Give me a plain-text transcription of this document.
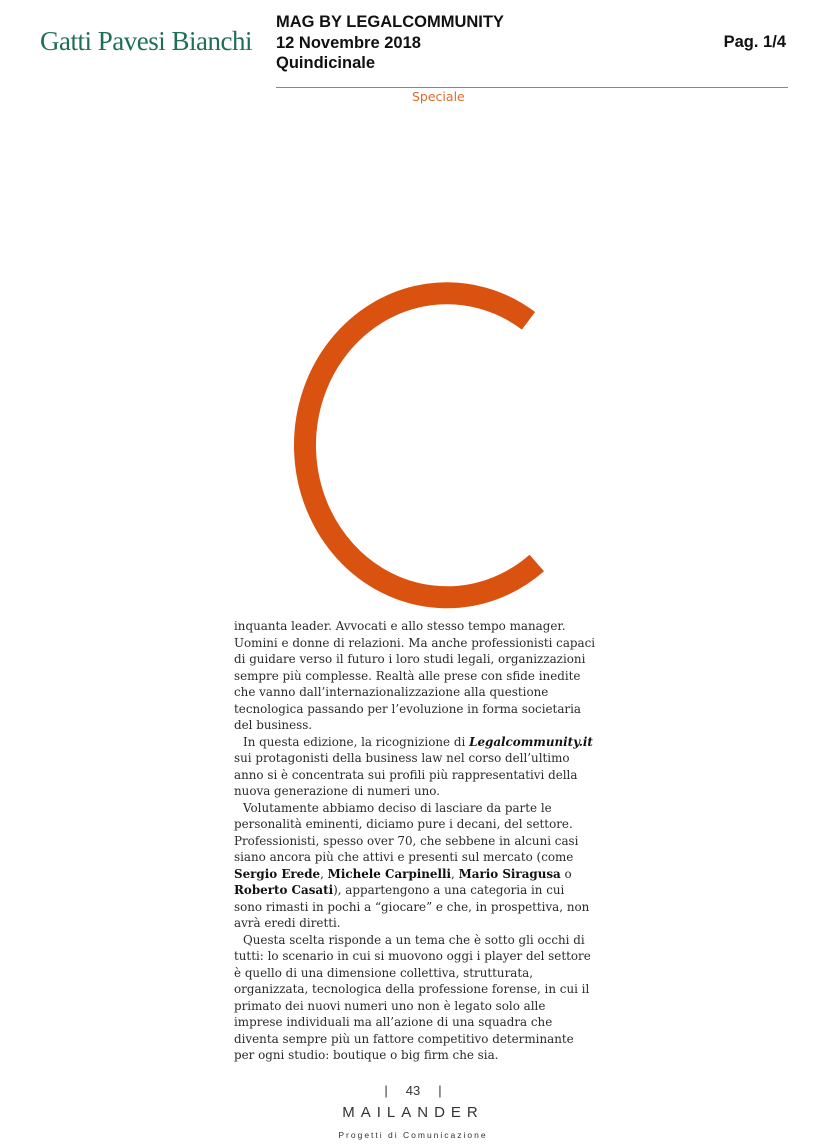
Gatti Pavesi Bianchi
MAG BY LEGALCOMMUNITY
12 Novembre 2018
Quindicinale
Pag. 1/4
Speciale

inquanta leader. Avvocati e allo stesso tempo manager. Uomini e donne di relazioni. Ma anche professionisti capaci di guidare verso il futuro i loro studi legali, organizzazioni sempre più complesse. Realtà alle prese con sfide inedite che vanno dall’internazionalizzazione alla questione tecnologica passando per l’evoluzione in forma societaria del business.

In questa edizione, la ricognizione di Legalcommunity.it sui protagonisti della business law nel corso dell’ultimo anno si è concentrata sui profili più rappresentativi della nuova generazione di numeri uno.

Volutamente abbiamo deciso di lasciare da parte le personalità eminenti, diciamo pure i decani, del settore. Professionisti, spesso over 70, che sebbene in alcuni casi siano ancora più che attivi e presenti sul mercato (come Sergio Erede, Michele Carpinelli, Mario Siragusa o Roberto Casati), appartengono a una categoria in cui sono rimasti in pochi a “giocare” e che, in prospettiva, non avrà eredi diretti.

Questa scelta risponde a un tema che è sotto gli occhi di tutti: lo scenario in cui si muovono oggi i player del settore è quello di una dimensione collettiva, strutturata, organizzata, tecnologica della professione forense, in cui il primato dei nuovi numeri uno non è legato solo alle imprese individuali ma all’azione di una squadra che diventa sempre più un fattore competitivo determinante per ogni studio: boutique o big firm che sia.

| 43 |
MAILANDER
Progetti di Comunicazione
